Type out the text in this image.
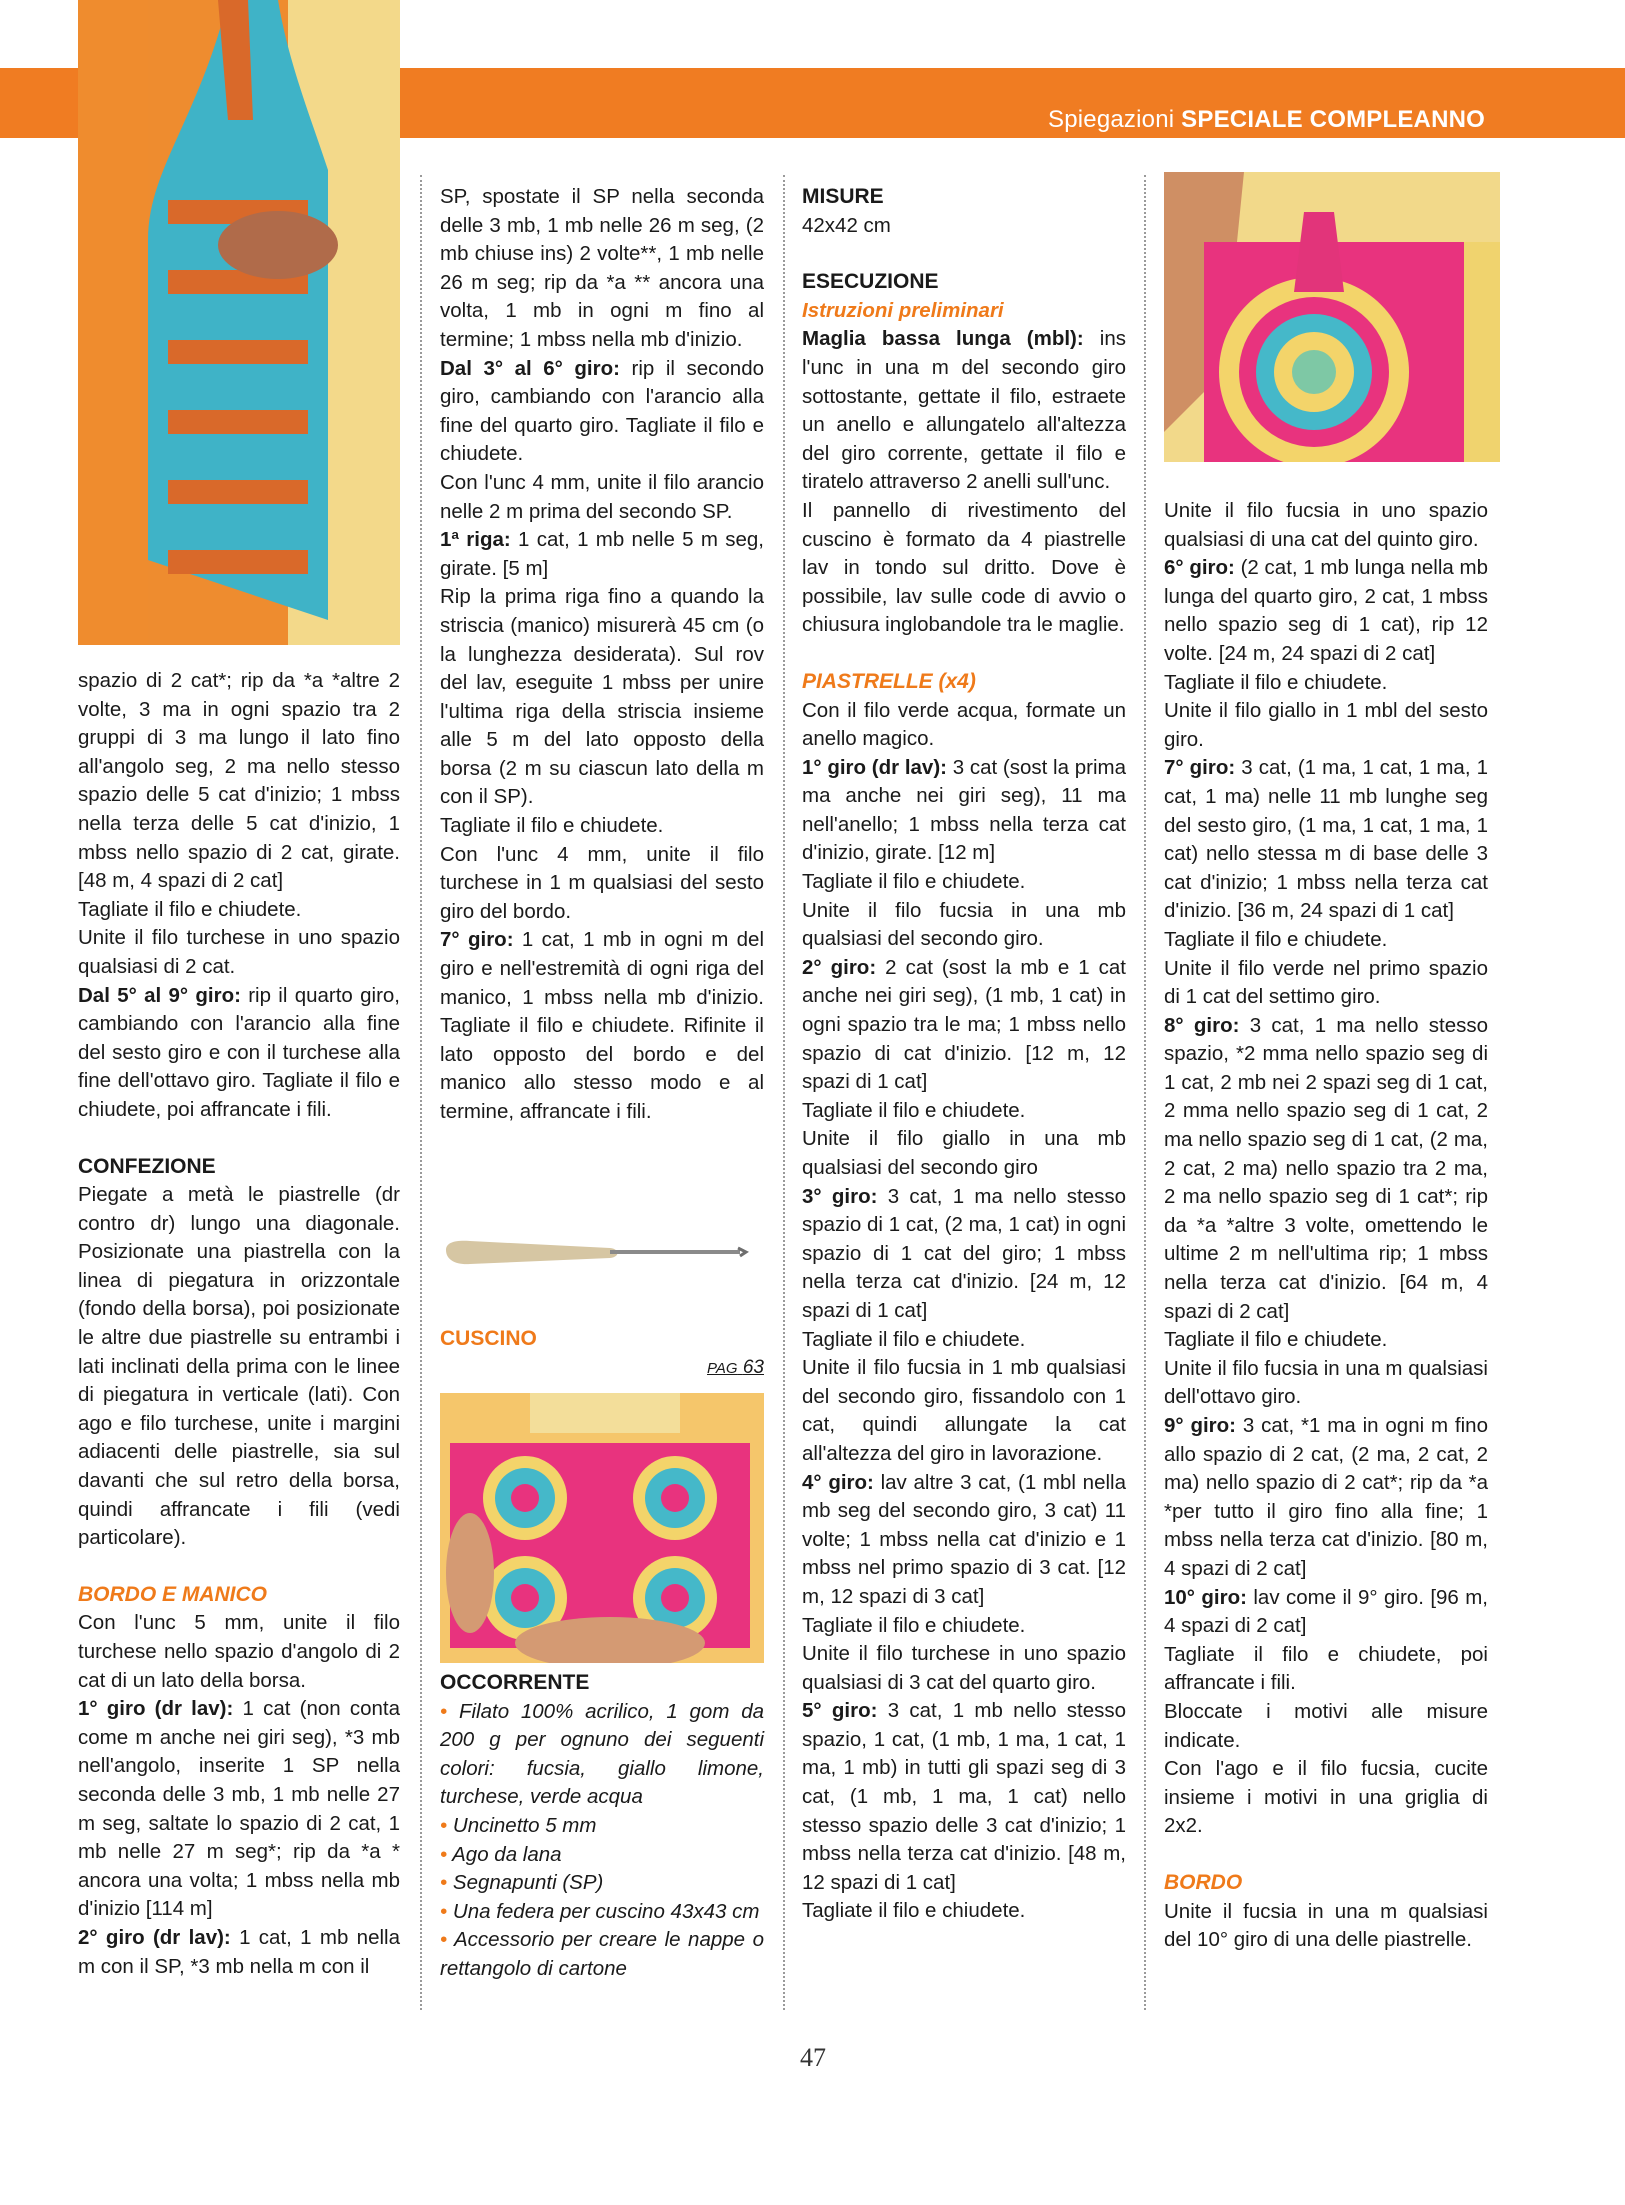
Spiegazioni SPECIALE COMPLEANNO

spazio di 2 cat*; rip da *a *altre 2 volte, 3 ma in ogni spazio tra 2 gruppi di 3 ma lungo il lato fino all'angolo seg, 2 ma nello stesso spazio delle 5 cat d'inizio; 1 mbss nella terza delle 5 cat d'inizio, 1 mbss nello spazio di 2 cat, girate. [48 m, 4 spazi di 2 cat]

Tagliate il filo e chiudete.

Unite il filo turchese in uno spazio qualsiasi di 2 cat.

Dal 5° al 9° giro: rip il quarto giro, cambiando con l'arancio alla fine del sesto giro e con il turchese alla fine dell'ottavo giro. Tagliate il filo e chiudete, poi affrancate i fili.

CONFEZIONE

Piegate a metà le piastrelle (dr contro dr) lungo una diagonale. Posizionate una piastrella con la linea di piegatura in orizzontale (fondo della borsa), poi posizionate le altre due piastrelle su entrambi i lati inclinati della prima con le linee di piegatura in verticale (lati). Con ago e filo turchese, unite i margini adiacenti delle piastrelle, sia sul davanti che sul retro della borsa, quindi affrancate i fili (vedi particolare).

BORDO E MANICO

Con l'unc 5 mm, unite il filo turchese nello spazio d'angolo di 2 cat di un lato della borsa.

1° giro (dr lav): 1 cat (non conta come m anche nei giri seg), *3 mb nell'angolo, inserite 1 SP nella seconda delle 3 mb, 1 mb nelle 27 m seg, saltate lo spazio di 2 cat, 1 mb nelle 27 m seg*; rip da *a * ancora una volta; 1 mbss nella mb d'inizio [114 m]

2° giro (dr lav): 1 cat, 1 mb nella m con il SP, *3 mb nella m con il

SP, spostate il SP nella seconda delle 3 mb, 1 mb nelle 26 m seg, (2 mb chiuse ins) 2 volte**, 1 mb nelle 26 m seg; rip da *a ** ancora una volta, 1 mb in ogni m fino al termine; 1 mbss nella mb d'inizio.

Dal 3° al 6° giro: rip il secondo giro, cambiando con l'arancio alla fine del quarto giro. Tagliate il filo e chiudete.

Con l'unc 4 mm, unite il filo arancio nelle 2 m prima del secondo SP.

1ª riga: 1 cat, 1 mb nelle 5 m seg, girate. [5 m]

Rip la prima riga fino a quando la striscia (manico) misurerà 45 cm (o la lunghezza desiderata). Sul rov del lav, eseguite 1 mbss per unire l'ultima riga della striscia insieme alle 5 m del lato opposto della borsa (2 m su ciascun lato della m con il SP).

Tagliate il filo e chiudete.

Con l'unc 4 mm, unite il filo turchese in 1 m qualsiasi del sesto giro del bordo.

7° giro: 1 cat, 1 mb in ogni m del giro e nell'estremità di ogni riga del manico, 1 mbss nella mb d'inizio. Tagliate il filo e chiudete. Rifinite il lato opposto del bordo e del manico allo stesso modo e al termine, affrancate i fili.

CUSCINO

PAG 63

OCCORRENTE

• Filato 100% acrilico, 1 gom da 200 g per ognuno dei seguenti colori: fucsia, giallo limone, turchese, verde acqua

• Uncinetto 5 mm

• Ago da lana

• Segnapunti (SP)

• Una federa per cuscino 43x43 cm

• Accessorio per creare le nappe o rettangolo di cartone

MISURE

42x42 cm

ESECUZIONE

Istruzioni preliminari

Maglia bassa lunga (mbl): ins l'unc in una m del secondo giro sottostante, gettate il filo, estraete un anello e allungatelo all'altezza del giro corrente, gettate il filo e tiratelo attraverso 2 anelli sull'unc.

Il pannello di rivestimento del cuscino è formato da 4 piastrelle lav in tondo sul dritto. Dove è possibile, lav sulle code di avvio o chiusura inglobandole tra le maglie.

PIASTRELLE (x4)

Con il filo verde acqua, formate un anello magico.

1° giro (dr lav): 3 cat (sost la prima ma anche nei giri seg), 11 ma nell'anello; 1 mbss nella terza cat d'inizio, girate. [12 m]

Tagliate il filo e chiudete.

Unite il filo fucsia in una mb qualsiasi del secondo giro.

2° giro: 2 cat (sost la mb e 1 cat anche nei giri seg), (1 mb, 1 cat) in ogni spazio tra le ma; 1 mbss nello spazio di cat d'inizio. [12 m, 12 spazi di 1 cat]

Tagliate il filo e chiudete.

Unite il filo giallo in una mb qualsiasi del secondo giro

3° giro: 3 cat, 1 ma nello stesso spazio di 1 cat, (2 ma, 1 cat) in ogni spazio di 1 cat del giro; 1 mbss nella terza cat d'inizio. [24 m, 12 spazi di 1 cat]

Tagliate il filo e chiudete.

Unite il filo fucsia in 1 mb qualsiasi del secondo giro, fissandolo con 1 cat, quindi allungate la cat all'altezza del giro in lavorazione.

4° giro: lav altre 3 cat, (1 mbl nella mb seg del secondo giro, 3 cat) 11 volte; 1 mbss nella cat d'inizio e 1 mbss nel primo spazio di 3 cat. [12 m, 12 spazi di 3 cat]

Tagliate il filo e chiudete.

Unite il filo turchese in uno spazio qualsiasi di 3 cat del quarto giro.

5° giro: 3 cat, 1 mb nello stesso spazio, 1 cat, (1 mb, 1 ma, 1 cat, 1 ma, 1 mb) in tutti gli spazi seg di 3 cat, (1 mb, 1 ma, 1 cat) nello stesso spazio delle 3 cat d'inizio; 1 mbss nella terza cat d'inizio. [48 m, 12 spazi di 1 cat]

Tagliate il filo e chiudete.

Unite il filo fucsia in uno spazio qualsiasi di una cat del quinto giro.

6° giro: (2 cat, 1 mb lunga nella mb lunga del quarto giro, 2 cat, 1 mbss nello spazio seg di 1 cat), rip 12 volte. [24 m, 24 spazi di 2 cat]

Tagliate il filo e chiudete.

Unite il filo giallo in 1 mbl del sesto giro.

7° giro: 3 cat, (1 ma, 1 cat, 1 ma, 1 cat, 1 ma) nelle 11 mb lunghe seg del sesto giro, (1 ma, 1 cat, 1 ma, 1 cat) nello stessa m di base delle 3 cat d'inizio; 1 mbss nella terza cat d'inizio. [36 m, 24 spazi di 1 cat]

Tagliate il filo e chiudete.

Unite il filo verde nel primo spazio di 1 cat del settimo giro.

8° giro: 3 cat, 1 ma nello stesso spazio, *2 mma nello spazio seg di 1 cat, 2 mb nei 2 spazi seg di 1 cat, 2 mma nello spazio seg di 1 cat, 2 ma nello spazio seg di 1 cat, (2 ma, 2 cat, 2 ma) nello spazio tra 2 ma, 2 ma nello spazio seg di 1 cat*; rip da *a *altre 3 volte, omettendo le ultime 2 m nell'ultima rip; 1 mbss nella terza cat d'inizio. [64 m, 4 spazi di 2 cat]

Tagliate il filo e chiudete.

Unite il filo fucsia in una m qualsiasi dell'ottavo giro.

9° giro: 3 cat, *1 ma in ogni m fino allo spazio di 2 cat, (2 ma, 2 cat, 2 ma) nello spazio di 2 cat*; rip da *a *per tutto il giro fino alla fine; 1 mbss nella terza cat d'inizio. [80 m, 4 spazi di 2 cat]

10° giro: lav come il 9° giro. [96 m, 4 spazi di 2 cat]

Tagliate il filo e chiudete, poi affrancate i fili.

Bloccate i motivi alle misure indicate.

Con l'ago e il filo fucsia, cucite insieme i motivi in una griglia di 2x2.

BORDO

Unite il fucsia in una m qualsiasi del 10° giro di una delle piastrelle.

47
